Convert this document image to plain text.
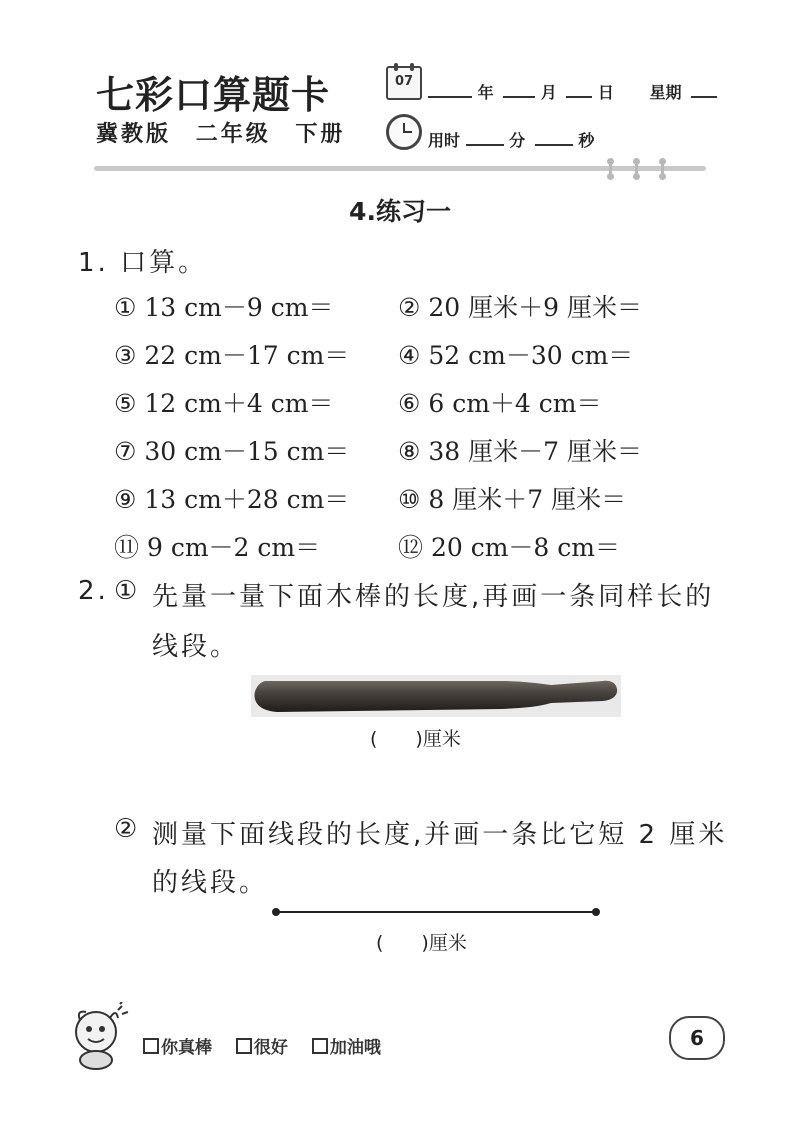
七彩口算题卡
冀教版 二年级 下册
07
年	月	日 星期
用时	分	秒
4.练习一
1. 口算。
① 13 cm－9 cm＝	② 20 厘米＋9 厘米＝
③ 22 cm－17 cm＝ ④ 52 cm－30 cm＝
⑤ 12 cm＋4 cm＝	⑥ 6 cm＋4 cm＝
⑦ 30 cm－15 cm＝ ⑧ 38 厘米－7 厘米＝
⑨ 13 cm＋28 cm＝ ⑩ 8 厘米＋7 厘米＝
⑪ 9 cm－2 cm＝	⑫ 20 cm－8 cm＝
2. ① 先量一量下面木棒的长度,再画一条同样长的
线段。
(　　)厘米
② 测量下面线段的长度,并画一条比它短 2 厘米
的线段。
(　　)厘米
你真棒 很好 加油哦	6
